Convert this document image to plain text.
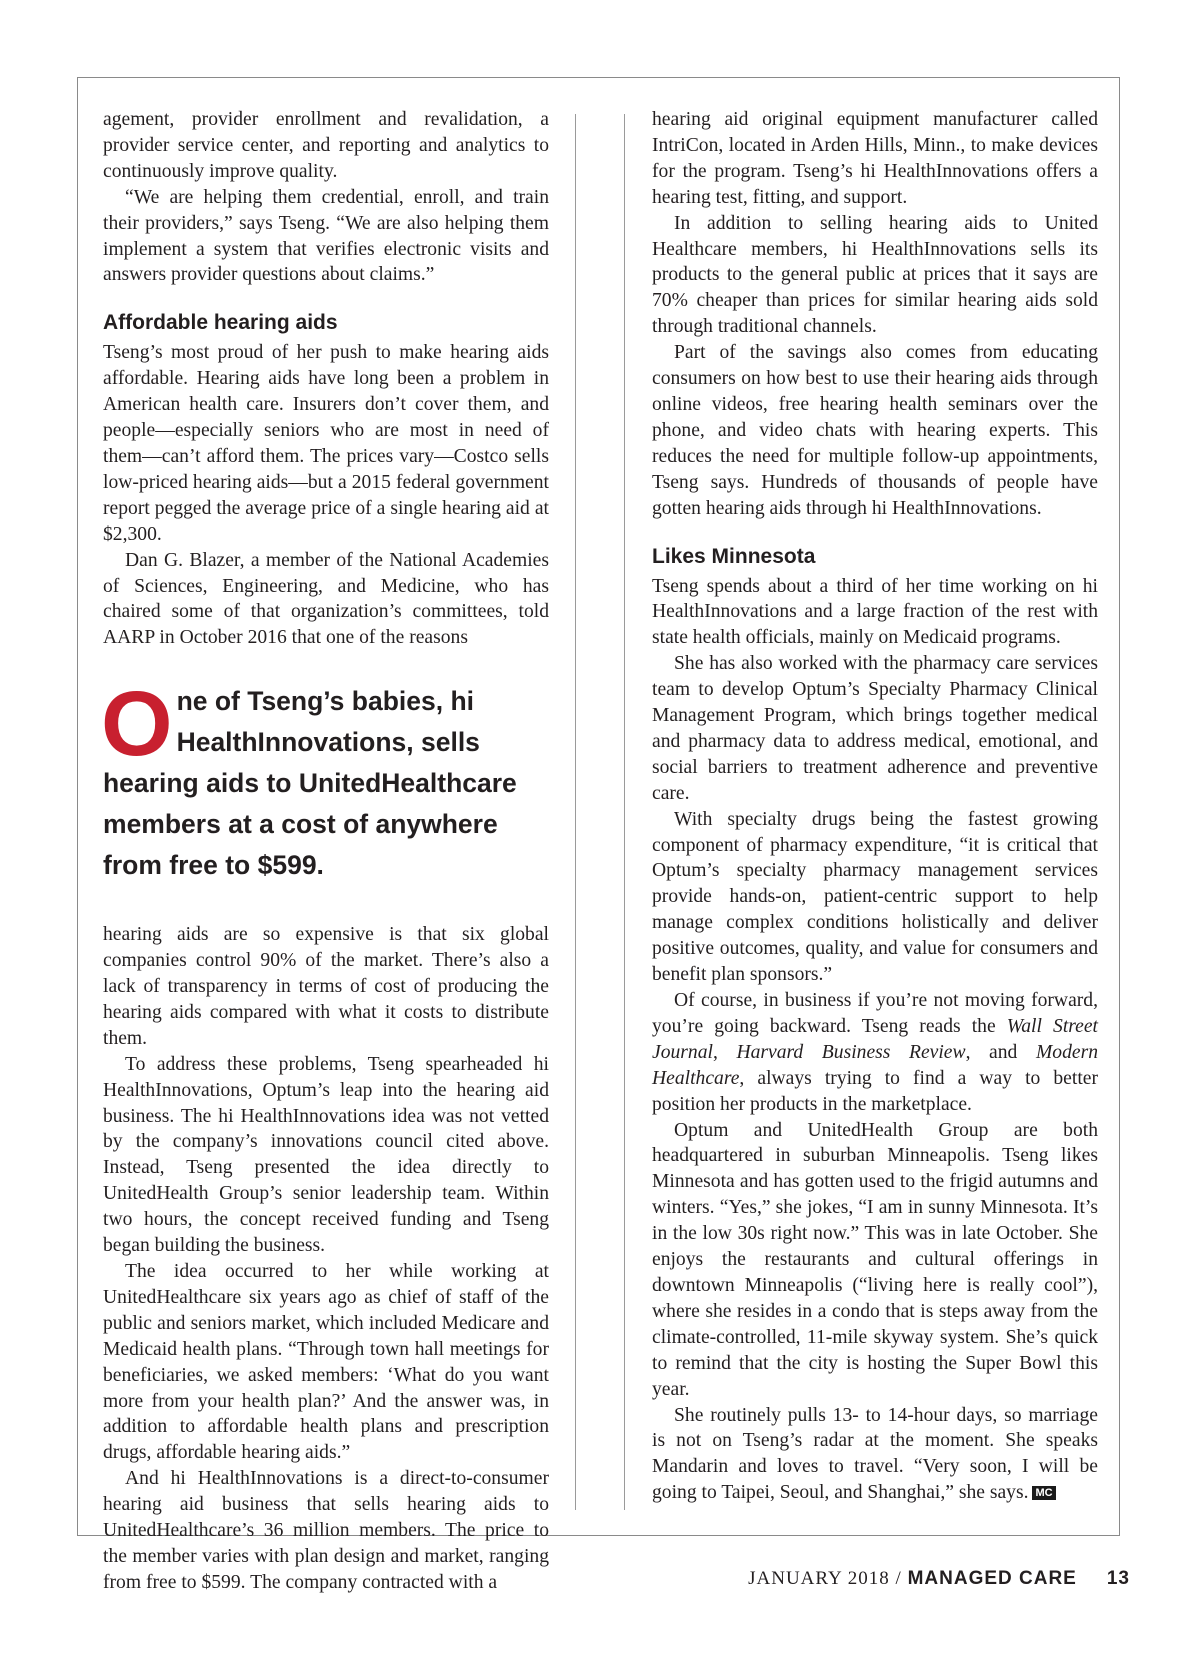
agement, provider enrollment and revalidation, a provider service center, and reporting and analytics to continuously improve quality.

“We are helping them credential, enroll, and train their providers,” says Tseng. “We are also helping them implement a system that verifies electronic visits and answers provider questions about claims.”

Affordable hearing aids

Tseng’s most proud of her push to make hearing aids affordable. Hearing aids have long been a problem in American health care. Insurers don’t cover them, and people—especially seniors who are most in need of them—can’t afford them. The prices vary—Costco sells low-priced hearing aids—but a 2015 federal government report pegged the average price of a single hearing aid at $2,300.

Dan G. Blazer, a member of the National Academies of Sciences, Engineering, and Medicine, who has chaired some of that organization’s committees, told AARP in October 2016 that one of the reasons

One of Tseng’s babies, hi HealthInnovations, sells hearing aids to UnitedHealthcare members at a cost of anywhere from free to $599.

hearing aids are so expensive is that six global companies control 90% of the market. There’s also a lack of transparency in terms of cost of producing the hearing aids compared with what it costs to distribute them.

To address these problems, Tseng spearheaded hi HealthInnovations, Optum’s leap into the hearing aid business. The hi HealthInnovations idea was not vetted by the company’s innovations council cited above. Instead, Tseng presented the idea directly to UnitedHealth Group’s senior leadership team. Within two hours, the concept received funding and Tseng began building the business.

The idea occurred to her while working at UnitedHealthcare six years ago as chief of staff of the public and seniors market, which included Medicare and Medicaid health plans. “Through town hall meetings for beneficiaries, we asked members: ‘What do you want more from your health plan?’ And the answer was, in addition to affordable health plans and prescription drugs, affordable hearing aids.”

And hi HealthInnovations is a direct-to-consumer hearing aid business that sells hearing aids to UnitedHealthcare’s 36 million members. The price to the member varies with plan design and market, ranging from free to $599. The company contracted with a

hearing aid original equipment manufacturer called IntriCon, located in Arden Hills, Minn., to make devices for the program. Tseng’s hi HealthInnovations offers a hearing test, fitting, and support.

In addition to selling hearing aids to United Healthcare members, hi HealthInnovations sells its products to the general public at prices that it says are 70% cheaper than prices for similar hearing aids sold through traditional channels.

Part of the savings also comes from educating consumers on how best to use their hearing aids through online videos, free hearing health seminars over the phone, and video chats with hearing experts. This reduces the need for multiple follow-up appointments, Tseng says. Hundreds of thousands of people have gotten hearing aids through hi HealthInnovations.

Likes Minnesota

Tseng spends about a third of her time working on hi HealthInnovations and a large fraction of the rest with state health officials, mainly on Medicaid programs.

She has also worked with the pharmacy care services team to develop Optum’s Specialty Pharmacy Clinical Management Program, which brings together medical and pharmacy data to address medical, emotional, and social barriers to treatment adherence and preventive care.

With specialty drugs being the fastest growing component of pharmacy expenditure, “it is critical that Optum’s specialty pharmacy management services provide hands-on, patient-centric support to help manage complex conditions holistically and deliver positive outcomes, quality, and value for consumers and benefit plan sponsors.”

Of course, in business if you’re not moving forward, you’re going backward. Tseng reads the Wall Street Journal, Harvard Business Review, and Modern Healthcare, always trying to find a way to better position her products in the marketplace.

Optum and UnitedHealth Group are both headquartered in suburban Minneapolis. Tseng likes Minnesota and has gotten used to the frigid autumns and winters. “Yes,” she jokes, “I am in sunny Minnesota. It’s in the low 30s right now.” This was in late October. She enjoys the restaurants and cultural offerings in downtown Minneapolis (“living here is really cool”), where she resides in a condo that is steps away from the climate-controlled, 11-mile skyway system. She’s quick to remind that the city is hosting the Super Bowl this year.

She routinely pulls 13- to 14-hour days, so marriage is not on Tseng’s radar at the moment. She speaks Mandarin and loves to travel. “Very soon, I will be going to Taipei, Seoul, and Shanghai,” she says. MC

JANUARY 2018 / MANAGED CARE 13
